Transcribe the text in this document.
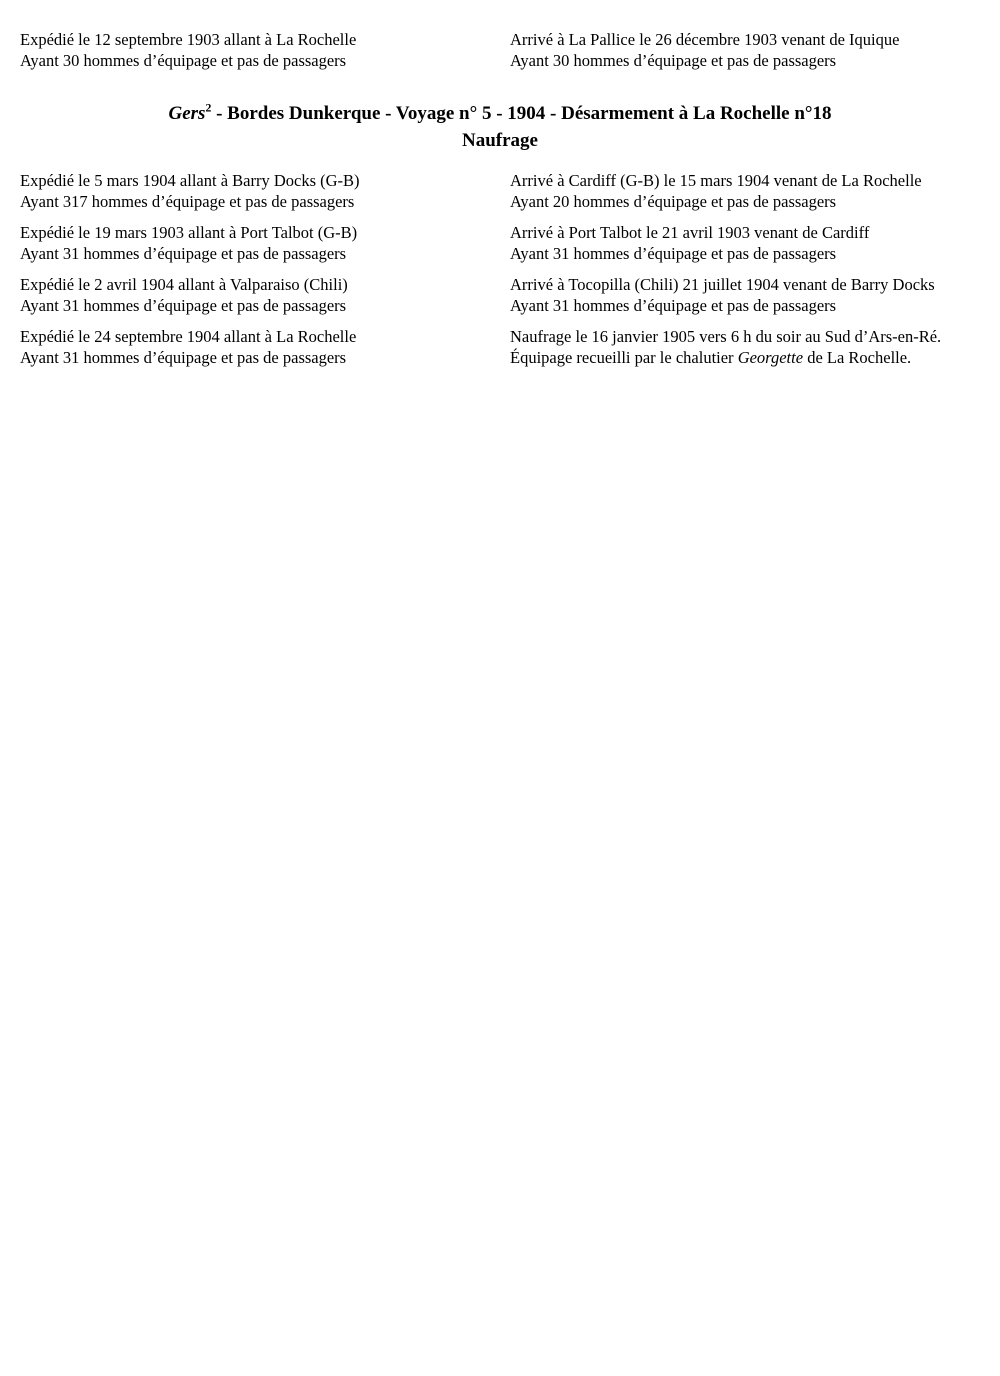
Expédié le 12 septembre 1903 allant à La Rochelle

Ayant 30 hommes d’équipage et pas de passagers

Arrivé à La Pallice le 26 décembre 1903 venant de Iquique

Ayant 30 hommes d’équipage et pas de passagers

Gers$^2$ - Bordes Dunkerque - Voyage n° 5 - 1904 - Désarmement à La Rochelle n°18
Naufrage

Expédié le 5 mars 1904 allant à Barry Docks (G-B)

Ayant 317 hommes d’équipage et pas de passagers

Arrivé à Cardiff (G-B) le 15 mars 1904 venant de La Rochelle

Ayant 20 hommes d’équipage et pas de passagers

Expédié le 19 mars 1903 allant à Port Talbot (G-B)

Ayant 31 hommes d’équipage et pas de passagers

Arrivé à Port Talbot le 21 avril 1903 venant de Cardiff

Ayant 31 hommes d’équipage et pas de passagers

Expédié le 2 avril 1904 allant à Valparaiso (Chili)

Ayant 31 hommes d’équipage et pas de passagers

Arrivé à Tocopilla (Chili) 21 juillet 1904 venant de Barry Docks

Ayant 31 hommes d’équipage et pas de passagers

Expédié le 24 septembre 1904 allant à La Rochelle

Ayant 31 hommes d’équipage et pas de passagers

Naufrage le 16 janvier 1905 vers 6 h du soir au Sud d’Ars-en-Ré.

Équipage recueilli par le chalutier Georgette de La Rochelle.
